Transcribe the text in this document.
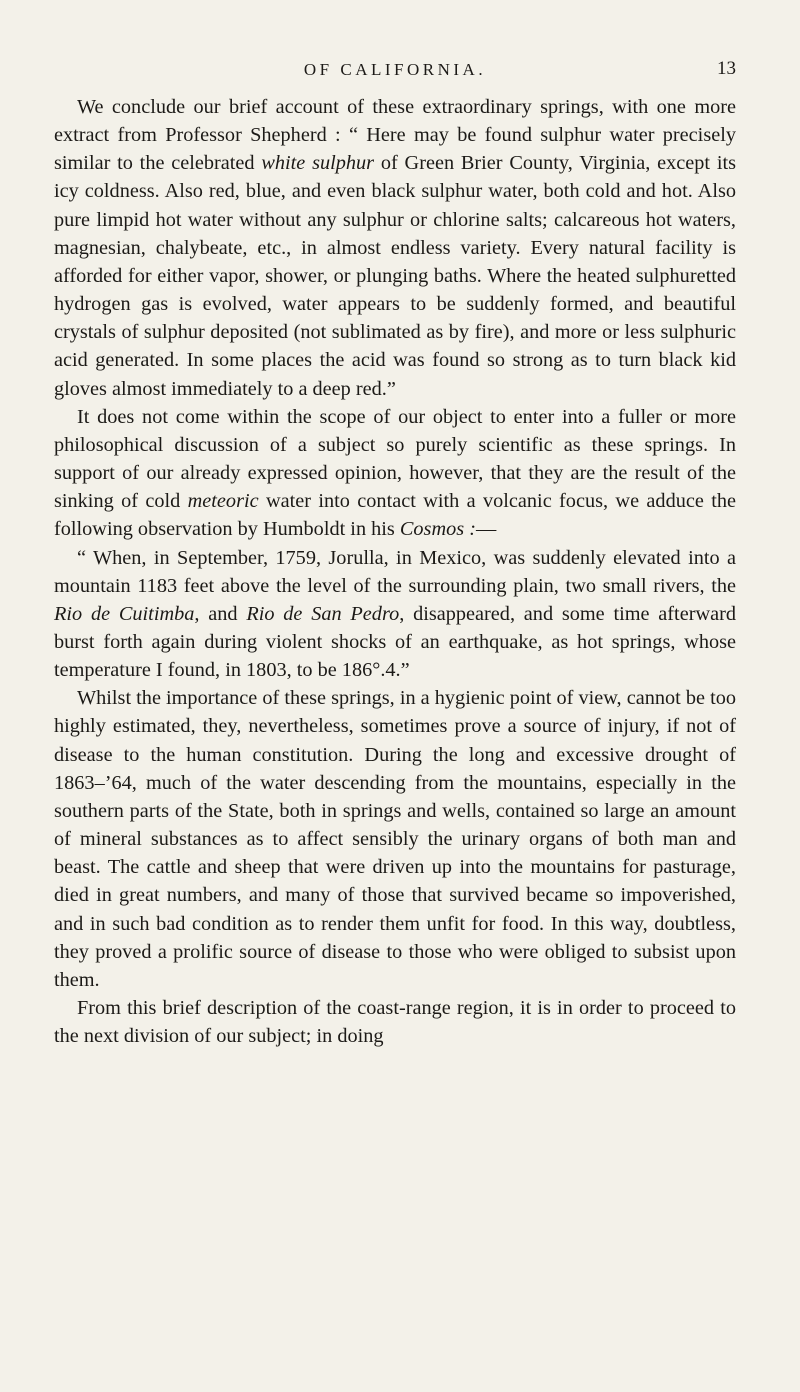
OF CALIFORNIA.	13

We conclude our brief account of these extraordinary springs, with one more extract from Professor Shepherd : “ Here may be found sulphur water precisely similar to the celebrated white sulphur of Green Brier County, Virginia, except its icy coldness. Also red, blue, and even black sulphur water, both cold and hot. Also pure limpid hot water without any sulphur or chlorine salts; calcareous hot waters, magnesian, chalybeate, etc., in almost endless variety. Every natural facility is afforded for either vapor, shower, or plunging baths. Where the heated sulphuretted hydrogen gas is evolved, water appears to be suddenly formed, and beautiful crystals of sulphur deposited (not sublimated as by fire), and more or less sulphuric acid generated. In some places the acid was found so strong as to turn black kid gloves almost immediately to a deep red.”

It does not come within the scope of our object to enter into a fuller or more philosophical discussion of a subject so purely scientific as these springs. In support of our already expressed opinion, however, that they are the result of the sinking of cold meteoric water into contact with a volcanic focus, we adduce the following observation by Humboldt in his Cosmos :—

“ When, in September, 1759, Jorulla, in Mexico, was suddenly elevated into a mountain 1183 feet above the level of the surrounding plain, two small rivers, the Rio de Cuitimba, and Rio de San Pedro, disappeared, and some time afterward burst forth again during violent shocks of an earthquake, as hot springs, whose temperature I found, in 1803, to be 186°.4.”

Whilst the importance of these springs, in a hygienic point of view, cannot be too highly estimated, they, nevertheless, sometimes prove a source of injury, if not of disease to the human constitution. During the long and excessive drought of 1863–’64, much of the water descending from the mountains, especially in the southern parts of the State, both in springs and wells, contained so large an amount of mineral substances as to affect sensibly the urinary organs of both man and beast. The cattle and sheep that were driven up into the mountains for pasturage, died in great numbers, and many of those that survived became so impoverished, and in such bad condition as to render them unfit for food. In this way, doubtless, they proved a prolific source of disease to those who were obliged to subsist upon them.

From this brief description of the coast-range region, it is in order to proceed to the next division of our subject; in doing
